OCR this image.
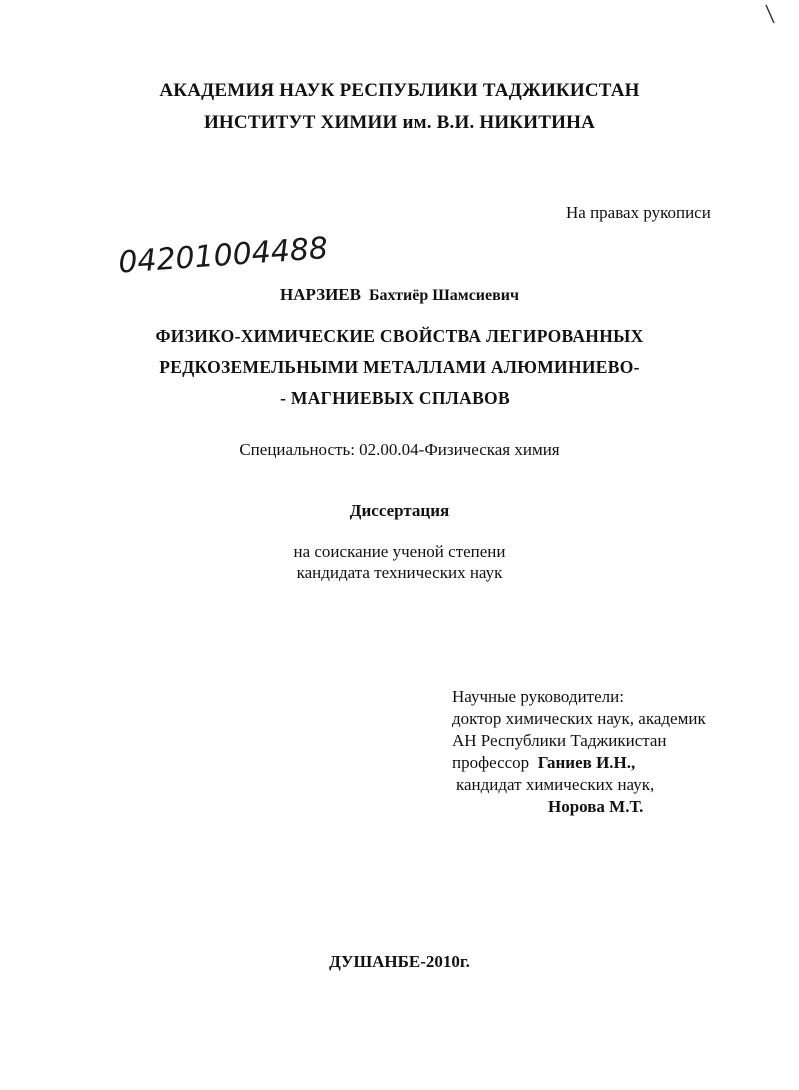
АКАДЕМИЯ НАУК РЕСПУБЛИКИ ТАДЖИКИСТАН
ИНСТИТУТ ХИМИИ им. В.И. НИКИТИНА
На правах рукописи
04201004488
НАРЗИЕВ Бахтиёр Шамсиевич
ФИЗИКО-ХИМИЧЕСКИЕ СВОЙСТВА ЛЕГИРОВАННЫХ
РЕДКОЗЕМЕЛЬНЫМИ МЕТАЛЛАМИ АЛЮМИНИЕВО-
- МАГНИЕВЫХ СПЛАВОВ
Специальность: 02.00.04-Физическая химия
Диссертация
на соискание ученой степени
кандидата технических наук
Научные руководители:
доктор химических наук, академик
АН Республики Таджикистан
профессор Ганиев И.Н.,
кандидат химических наук,
Норова М.Т.
ДУШАНБЕ-2010г.
